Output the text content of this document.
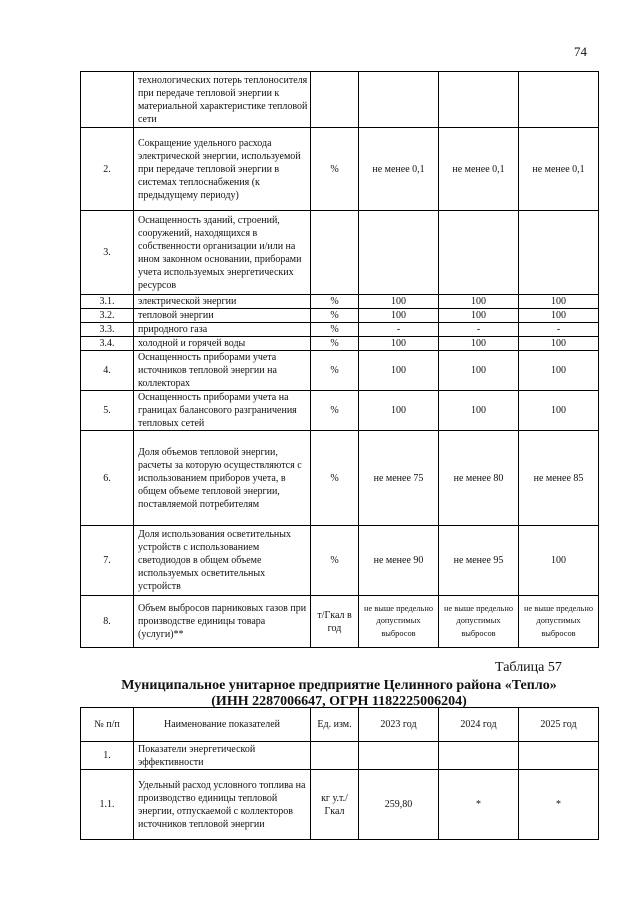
74
	технологических потерь теплоносителя при передаче тепловой энергии к материальной характеристике тепловой сети				
2.	Сокращение удельного расхода электрической энергии, используемой при передаче тепловой энергии в системах теплоснабжения (к предыдущему периоду)	%	не менее 0,1	не менее 0,1	не менее 0,1
3.	Оснащенность зданий, строений, сооружений, находящихся в собственности организации и/или на ином законном основании, приборами учета используемых энергетических ресурсов				
3.1.	электрической энергии	%	100	100	100
3.2.	тепловой энергии	%	100	100	100
3.3.	природного газа	%	-	-	-
3.4.	холодной и горячей воды	%	100	100	100
4.	Оснащенность приборами учета источников тепловой энергии на коллекторах	%	100	100	100
5.	Оснащенность приборами учета на границах балансового разграничения тепловых сетей	%	100	100	100
6.	Доля объемов тепловой энергии, расчеты за которую осуществляются с использованием приборов учета, в общем объеме тепловой энергии, поставляемой потребителям	%	не менее 75	не менее 80	не менее 85
7.	Доля использования осветительных устройств с использованием светодиодов в общем объеме используемых осветительных устройств	%	не менее 90	не менее 95	100
8.	Объем выбросов парниковых газов при производстве единицы товара (услуги)**	т/Гкал в год	не выше предельно допустимых выбросов	не выше предельно допустимых выбросов	не выше предельно допустимых выбросов
Таблица 57
Муниципальное унитарное предприятие Целинного района «Тепло»
(ИНН 2287006647, ОГРН 1182225006204)
№ п/п	Наименование показателей	Ед. изм.	2023 год	2024 год	2025 год
1.	Показатели энергетической эффективности				
1.1.	Удельный расход условного топлива на производство единицы тепловой энергии, отпускаемой с коллекторов источников тепловой энергии	кг у.т./ Гкал	259,80	*	*
